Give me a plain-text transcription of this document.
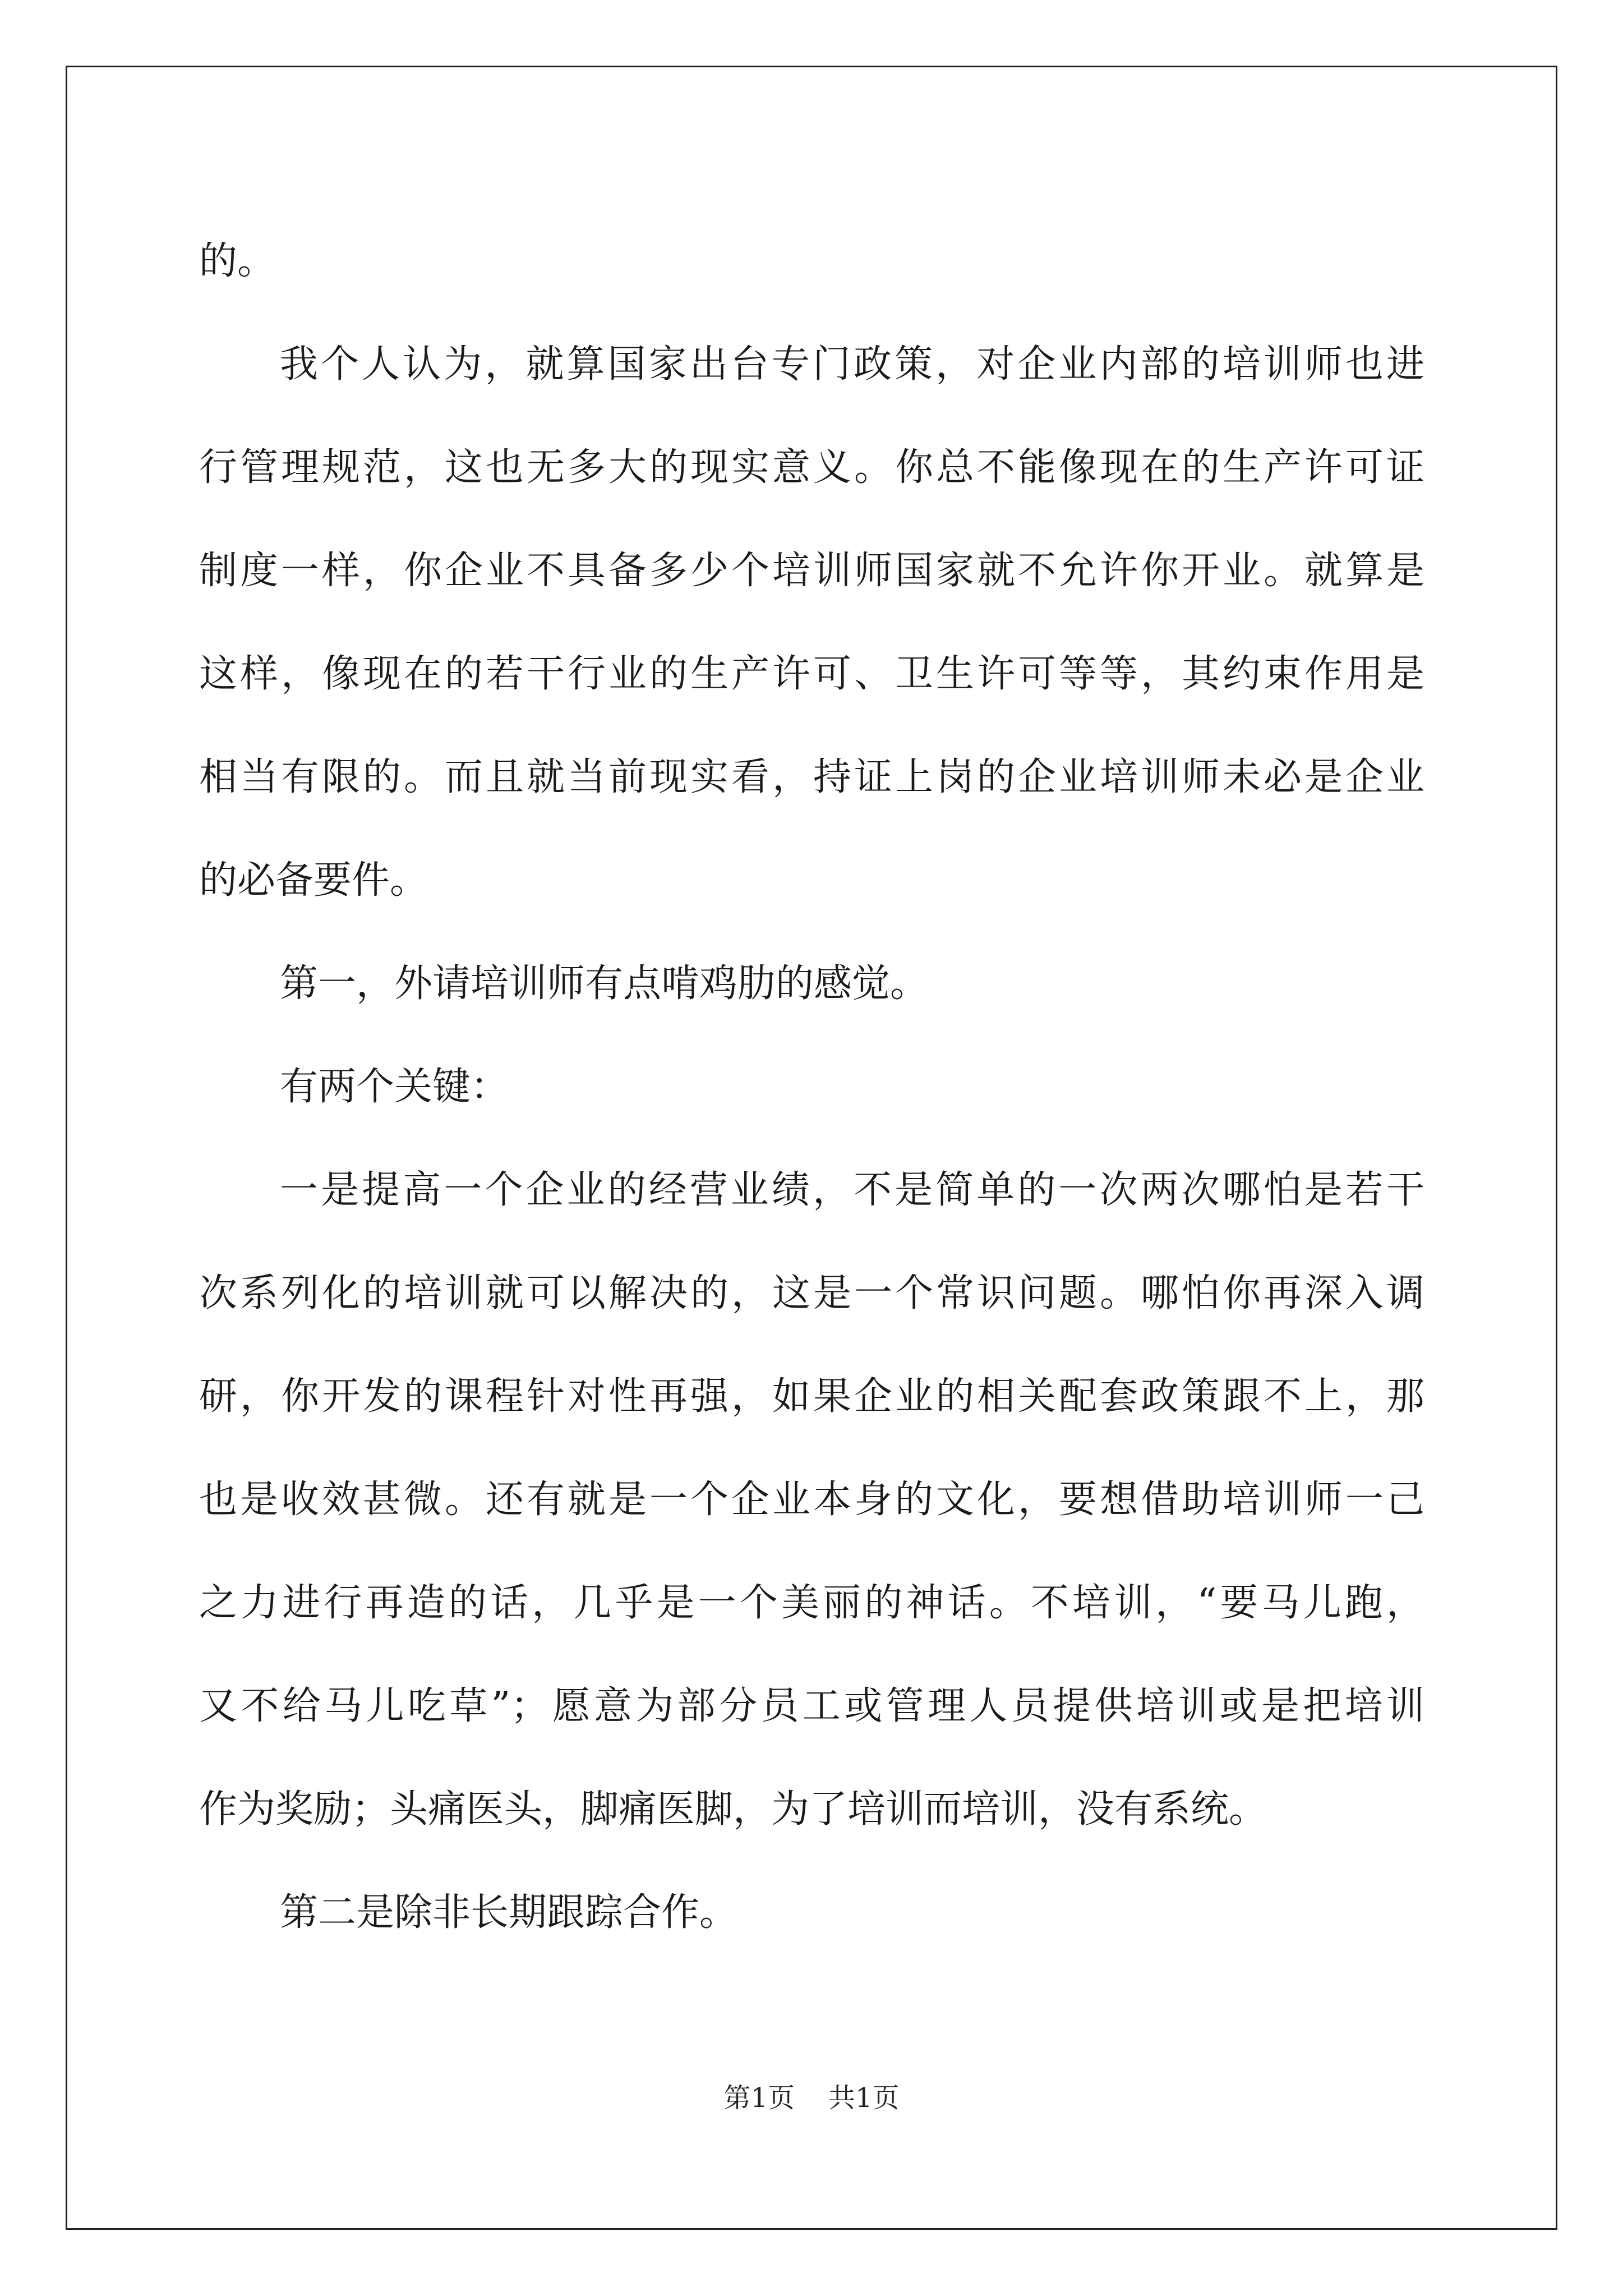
的。

我个人认为，就算国家出台专门政策，对企业内部的培训师也进

行管理规范，这也无多大的现实意义。你总不能像现在的生产许可证

制度一样，你企业不具备多少个培训师国家就不允许你开业。就算是

这样，像现在的若干行业的生产许可、卫生许可等等，其约束作用是

相当有限的。而且就当前现实看，持证上岗的企业培训师未必是企业

的必备要件。

第一，外请培训师有点啃鸡肋的感觉。

有两个关键：

一是提高一个企业的经营业绩，不是简单的一次两次哪怕是若干

次系列化的培训就可以解决的，这是一个常识问题。哪怕你再深入调

研，你开发的课程针对性再强，如果企业的相关配套政策跟不上，那

也是收效甚微。还有就是一个企业本身的文化，要想借助培训师一己

之力进行再造的话，几乎是一个美丽的神话。不培训，“要马儿跑，

又不给马儿吃草”；愿意为部分员工或管理人员提供培训或是把培训

作为奖励；头痛医头，脚痛医脚，为了培训而培训，没有系统。

第二是除非长期跟踪合作。

第1页 共1页
